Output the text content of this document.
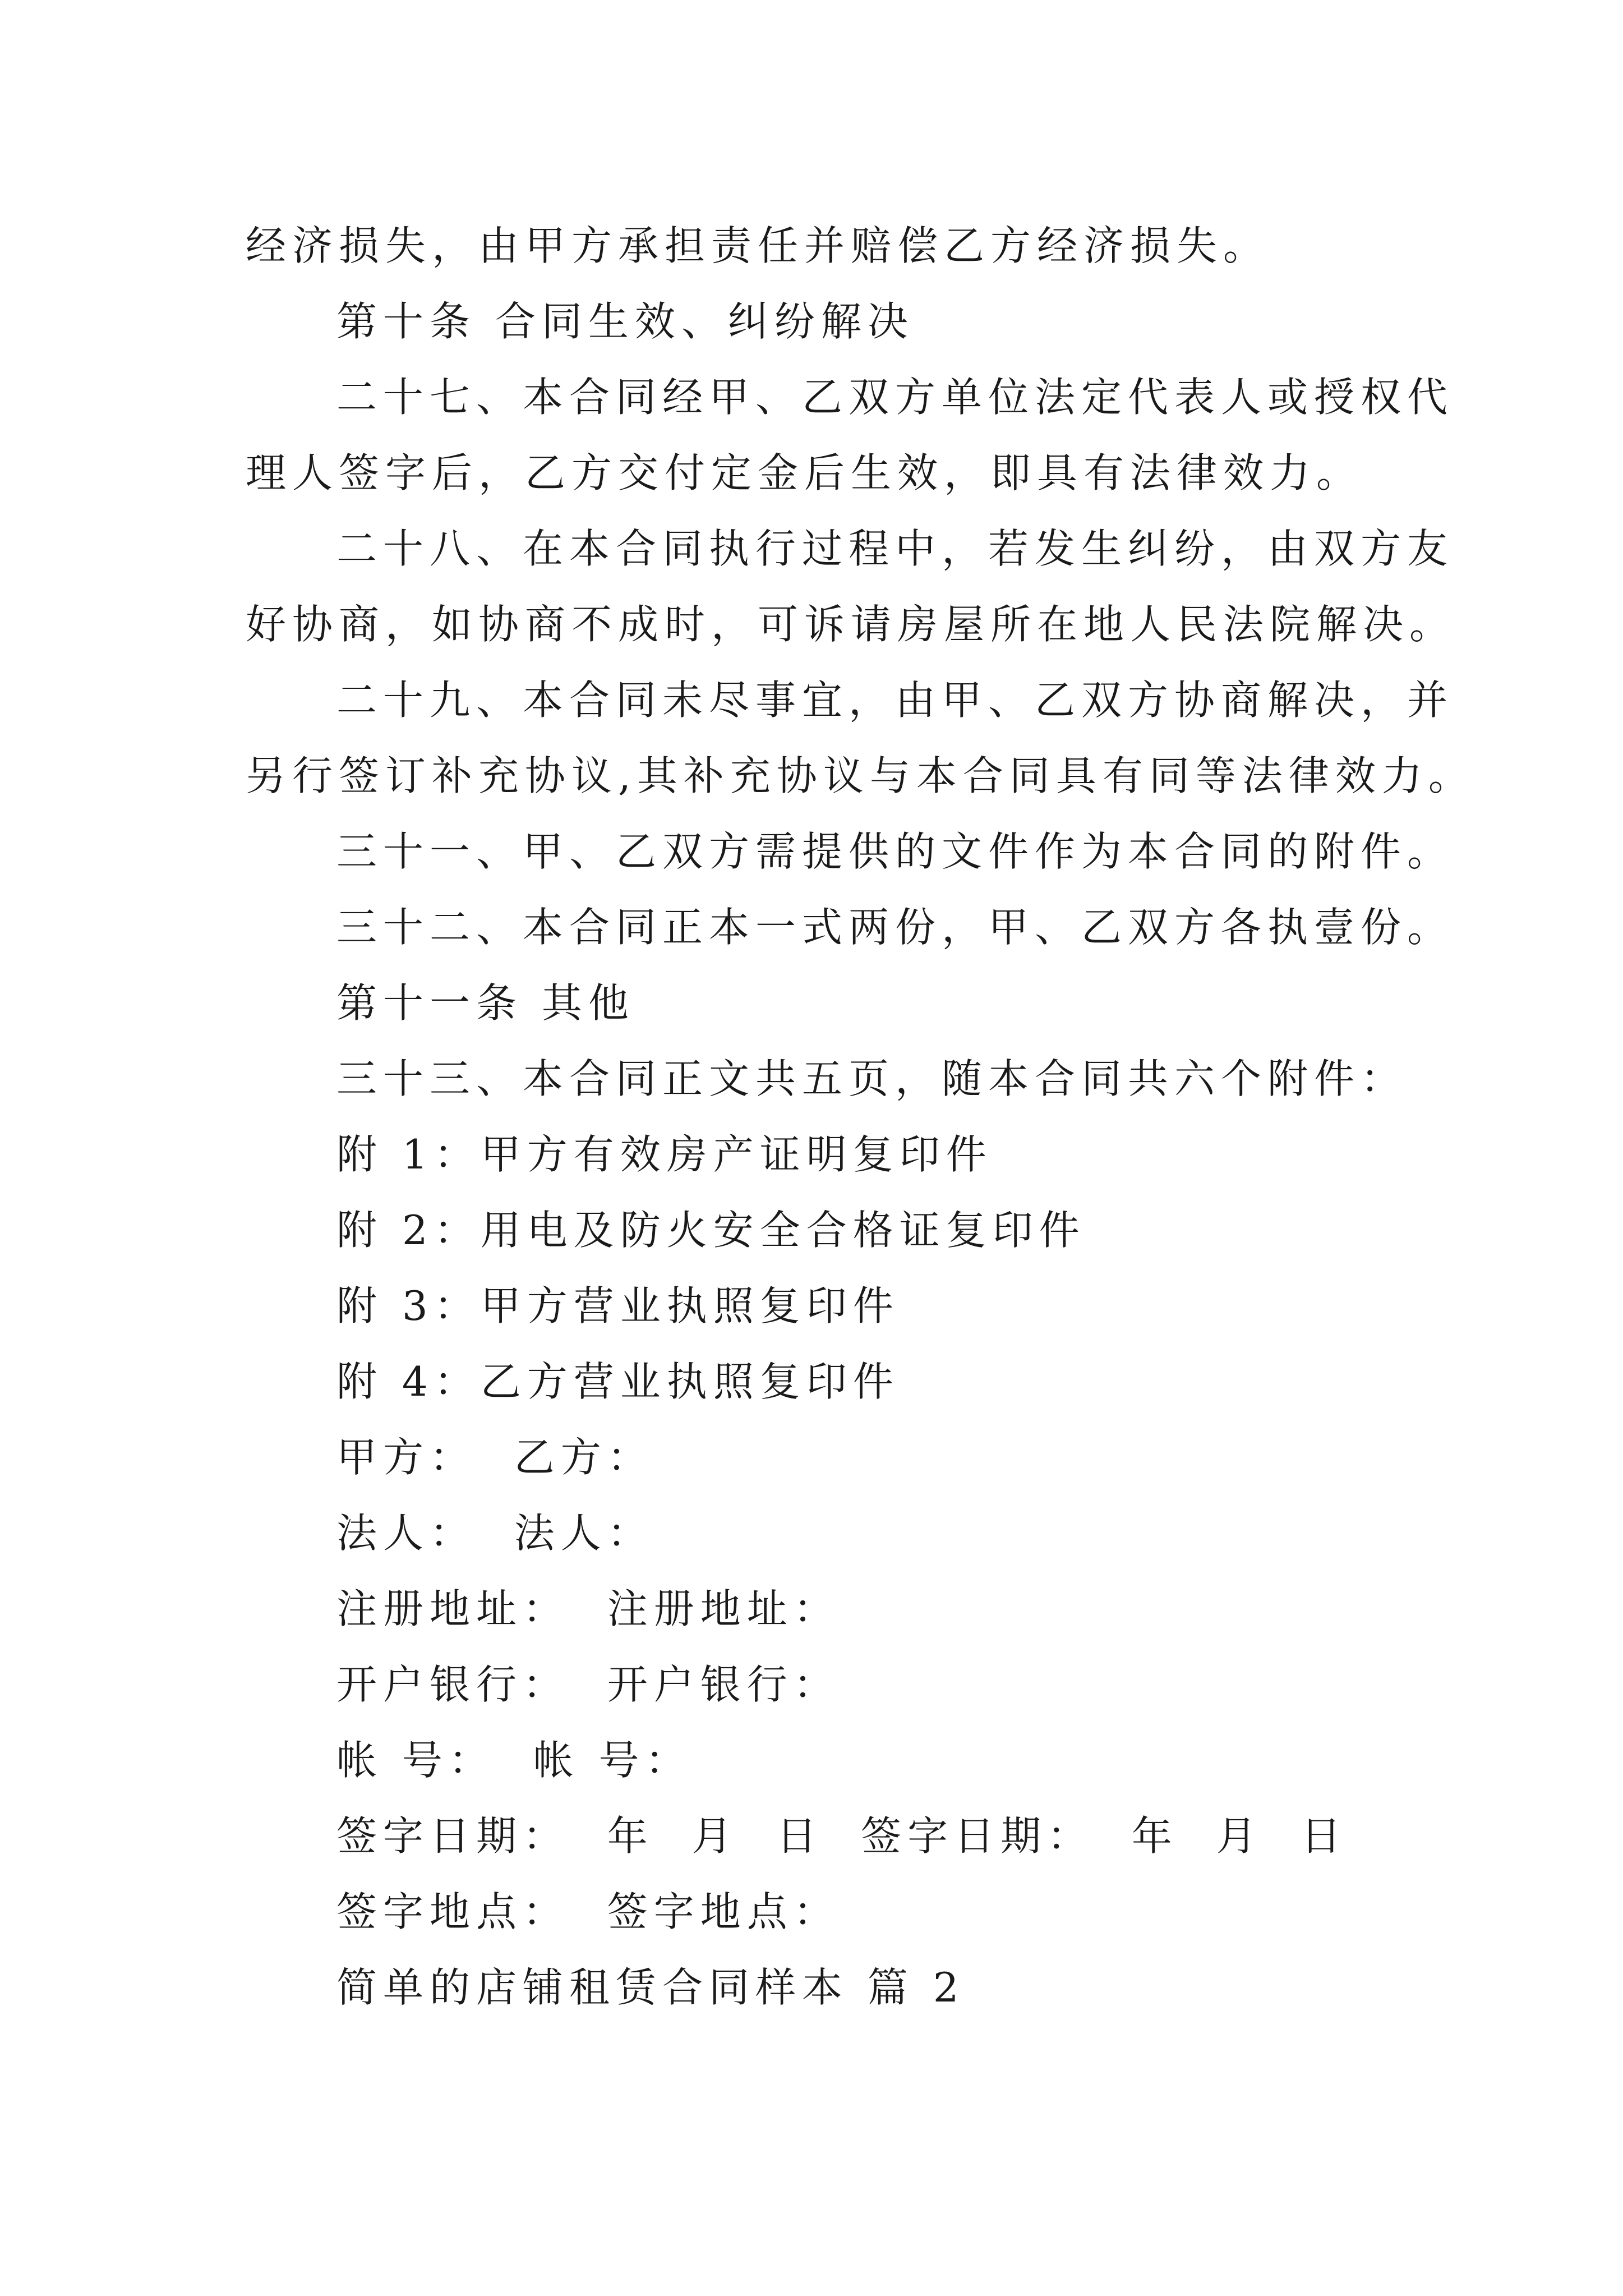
经济损失，由甲方承担责任并赔偿乙方经济损失。
第十条 合同生效、纠纷解决
二十七、本合同经甲、乙双方单位法定代表人或授权代
理人签字后，乙方交付定金后生效，即具有法律效力。
二十八、在本合同执行过程中，若发生纠纷，由双方友
好协商，如协商不成时，可诉请房屋所在地人民法院解决。
二十九、本合同未尽事宜，由甲、乙双方协商解决，并
另行签订补充协议,其补充协议与本合同具有同等法律效力。
三十一、甲、乙双方需提供的文件作为本合同的附件。
三十二、本合同正本一式两份，甲、乙双方各执壹份。
第十一条 其他
三十三、本合同正文共五页，随本合同共六个附件：
附 1：甲方有效房产证明复印件
附 2：用电及防火安全合格证复印件
附 3：甲方营业执照复印件
附 4：乙方营业执照复印件
甲方：  乙方：
法人：  法人：
注册地址：  注册地址：
开户银行：  开户银行：
帐 号：  帐 号：
签字日期：  年  月  日  签字日期：  年  月  日
签字地点：  签字地点：
简单的店铺租赁合同样本 篇 2
